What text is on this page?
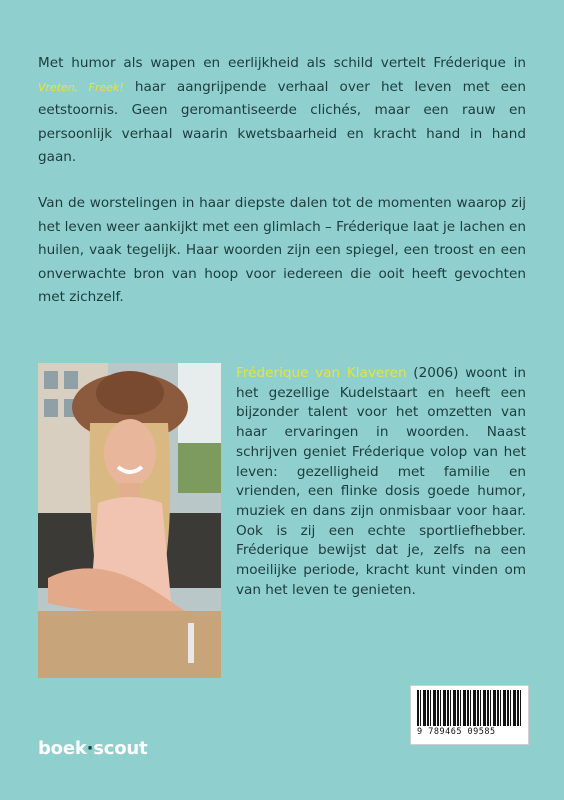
Met humor als wapen en eerlijkheid als schild vertelt Fréderique in Vreten, Freek! haar aangrijpende verhaal over het leven met een eetstoornis. Geen geromantiseerde clichés, maar een rauw en persoonlijk verhaal waarin kwetsbaarheid en kracht hand in hand gaan.

Van de worstelingen in haar diepste dalen tot de momenten waarop zij het leven weer aankijkt met een glimlach – Fréderique laat je lachen en huilen, vaak tegelijk. Haar woorden zijn een spiegel, een troost en een onverwachte bron van hoop voor iedereen die ooit heeft gevochten met zichzelf.

Fréderique van Klaveren (2006) woont in het gezellige Kudelstaart en heeft een bijzonder talent voor het omzetten van haar ervaringen in woorden. Naast schrijven geniet Fréderique volop van het leven: gezelligheid met familie en vrienden, een flinke dosis goede humor, muziek en dans zijn onmisbaar voor haar. Ook is zij een echte sportliefhebber. Fréderique bewijst dat je, zelfs na een moeilijke periode, kracht kunt vinden om van het leven te genieten.
9 789465 09585
boek·scout
